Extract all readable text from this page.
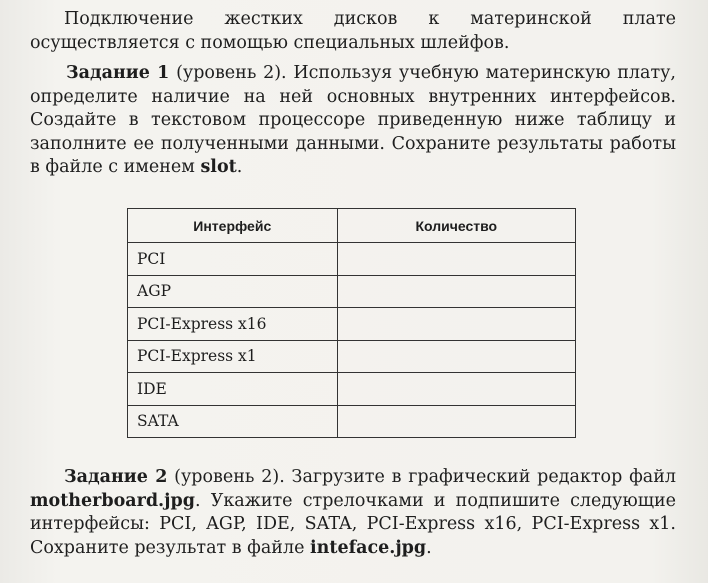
Подключение жестких дисков к материнской плате осуществляется с помощью специальных шлейфов.

Задание 1 (уровень 2). Используя учебную материнскую плату, определите наличие на ней основных внутренних интерфейсов. Создайте в текстовом процессоре приведенную ниже таблицу и заполните ее полученными данными. Сохраните результаты работы в файле с именем slot.

Интерфейс	Количество
PCI	
AGP	
PCI-Express x16	
PCI-Express x1	
IDE	
SATA	

Задание 2 (уровень 2). Загрузите в графический редактор файл motherboard.jpg. Укажите стрелочками и подпишите следующие интерфейсы: PCI, AGP, IDE, SATA, PCI-Express x16, PCI-Express x1. Сохраните результат в файле inteface.jpg.
